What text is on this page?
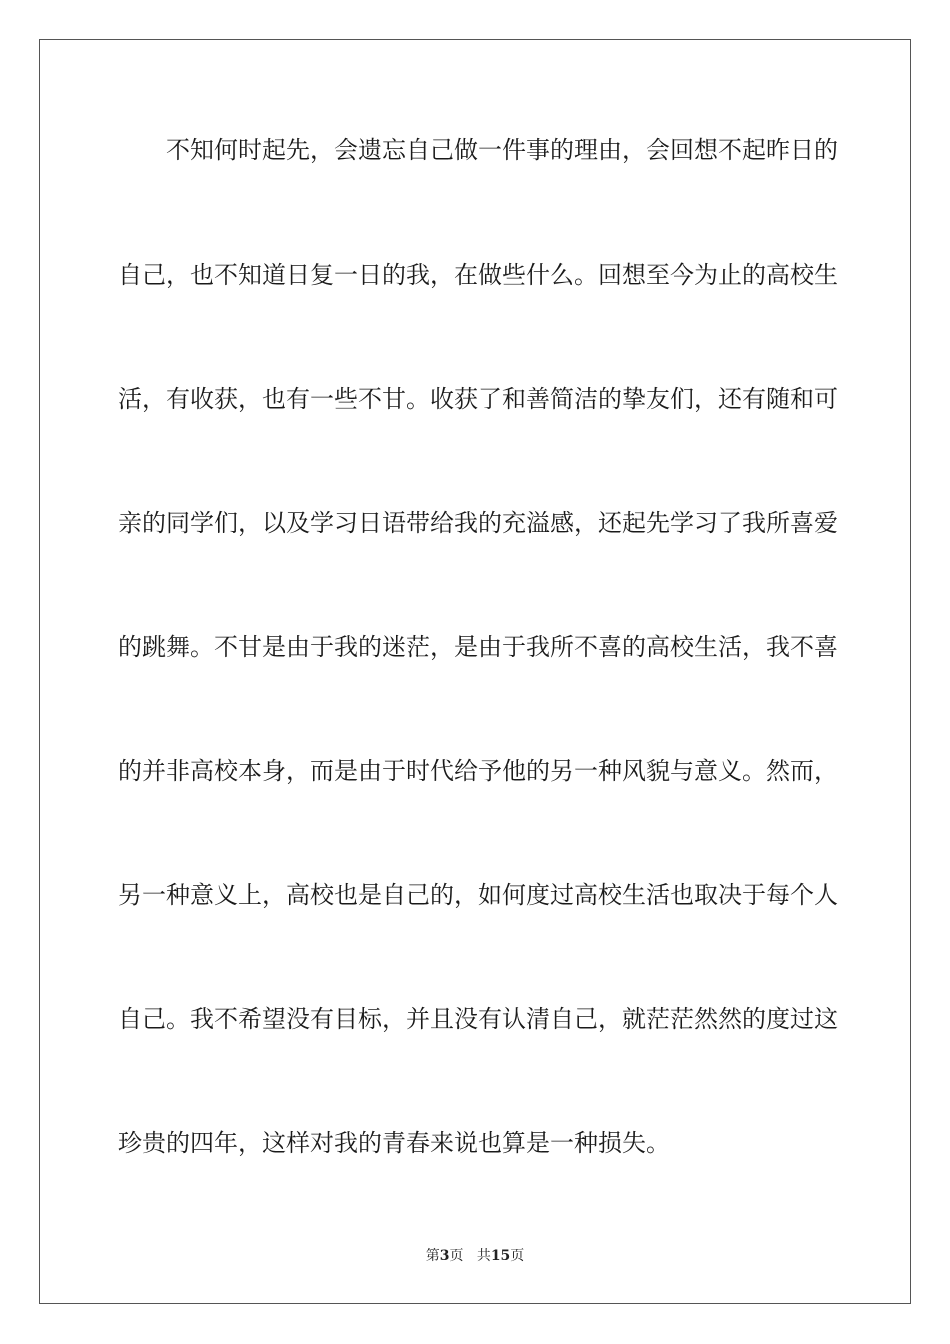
不知何时起先，会遗忘自己做一件事的理由，会回想不起昨日的
自己，也不知道日复一日的我，在做些什么。回想至今为止的高校生
活，有收获，也有一些不甘。收获了和善简洁的挚友们，还有随和可
亲的同学们，以及学习日语带给我的充溢感，还起先学习了我所喜爱
的跳舞。不甘是由于我的迷茫，是由于我所不喜的高校生活，我不喜
的并非高校本身，而是由于时代给予他的另一种风貌与意义。然而，
另一种意义上，高校也是自己的，如何度过高校生活也取决于每个人
自己。我不希望没有目标，并且没有认清自己，就茫茫然然的度过这
珍贵的四年，这样对我的青春来说也算是一种损失。
第3页 共15页
